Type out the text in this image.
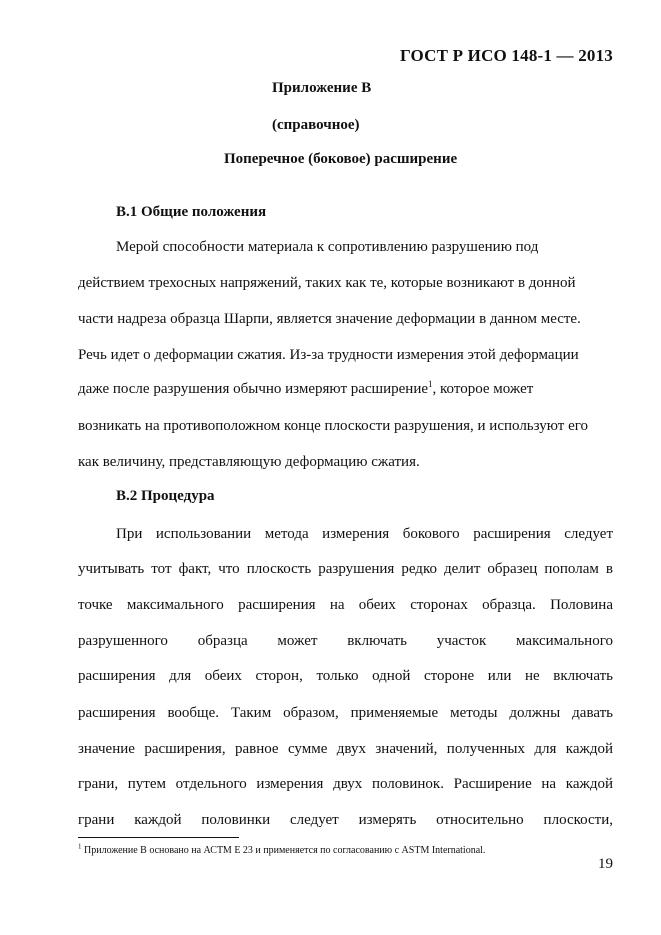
ГОСТ Р ИСО 148-1 — 2013
Приложение В
(справочное)
Поперечное (боковое) расширение
В.1 Общие положения
Мерой способности материала к сопротивлению разрушению под
действием трехосных напряжений, таких как те, которые возникают в донной
части надреза образца Шарпи, является значение деформации в данном месте.
Речь идет о деформации сжатия. Из-за трудности измерения этой деформации
даже после разрушения обычно измеряют расширение$^1$, которое может
возникать на противоположном конце плоскости разрушения, и используют его
как величину, представляющую деформацию сжатия.
В.2 Процедура
При использовании метода измерения бокового расширения следует
учитывать тот факт, что плоскость разрушения редко делит образец пополам в
точке максимального расширения на обеих сторонах образца. Половина
разрушенного образца может включать участок максимального
расширения для обеих сторон, только одной стороне или не включать
расширения вообще. Таким образом, применяемые методы должны давать
значение расширения, равное сумме двух значений, полученных для каждой
грани, путем отдельного измерения двух половинок. Расширение на каждой
грани каждой половинки следует измерять относительно плоскости,
$^1$ Приложение В основано на АСТМ Е 23 и применяется по согласованию с ASTM International.
19
